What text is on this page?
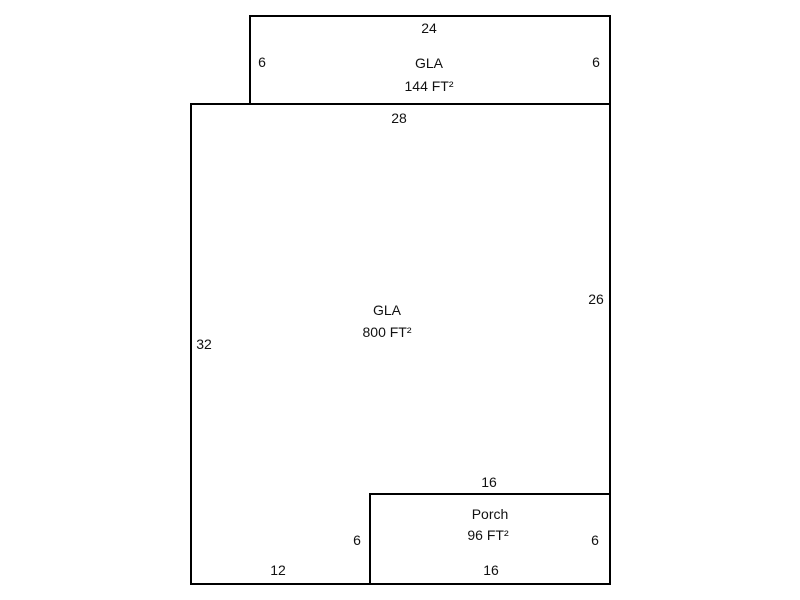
24
6	GLA	6
144 FT²
28
GLA
800 FT²
26
32
12
16
Porch
96 FT²
6	6
16
